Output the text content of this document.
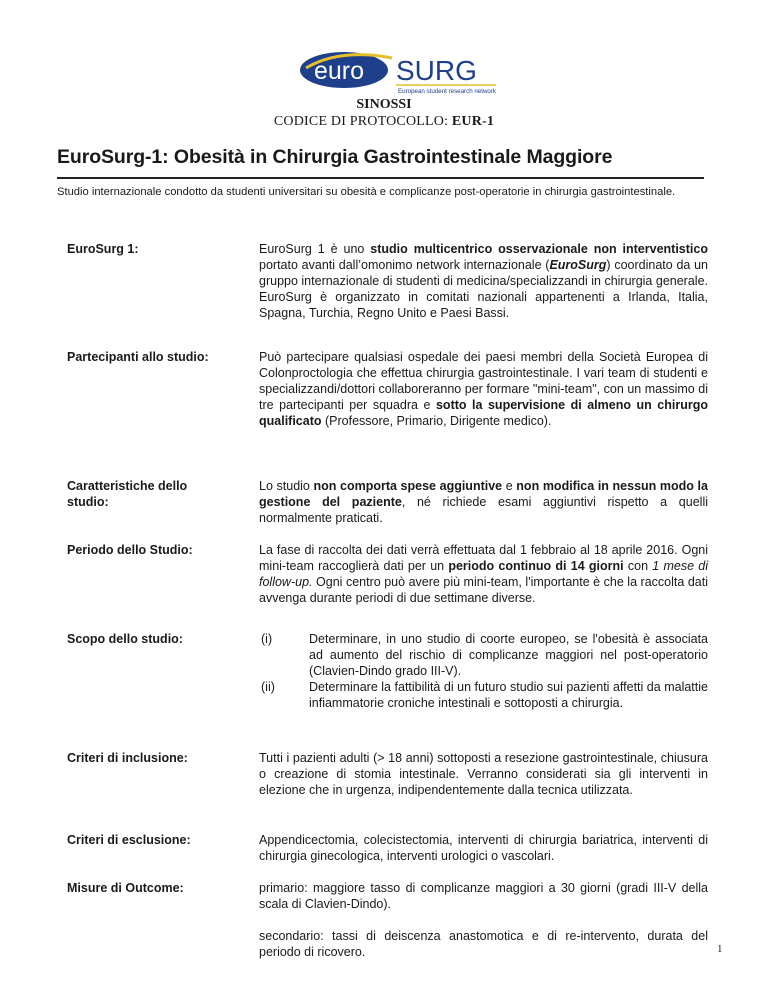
euro SURG
European student research network
SINOSSI
CODICE DI PROTOCOLLO: EUR-1
EuroSurg-1: Obesità in Chirurgia Gastrointestinale Maggiore
Studio internazionale condotto da studenti universitari su obesità e complicanze post-operatorie in chirurgia gastrointestinale.
EuroSurg 1:	EuroSurg 1 è uno studio multicentrico osservazionale non interventistico portato avanti dall’omonimo network internazionale (EuroSurg) coordinato da un gruppo internazionale di studenti di medicina/specializzandi in chirurgia generale. EuroSurg è organizzato in comitati nazionali appartenenti a Irlanda, Italia, Spagna, Turchia, Regno Unito e Paesi Bassi.
Partecipanti allo studio:	Può partecipare qualsiasi ospedale dei paesi membri della Società Europea di Colonproctologia che effettua chirurgia gastrointestinale. I vari team di studenti e specializzandi/dottori collaboreranno per formare "mini-team", con un massimo di tre partecipanti per squadra e sotto la supervisione di almeno un chirurgo qualificato (Professore, Primario, Dirigente medico).
Caratteristiche dello studio:
Lo studio non comporta spese aggiuntive e non modifica in nessun modo la gestione del paziente, né richiede esami aggiuntivi rispetto a quelli normalmente praticati.
Periodo dello Studio:	La fase di raccolta dei dati verrà effettuata dal 1 febbraio al 18 aprile 2016. Ogni mini-team raccoglierà dati per un periodo continuo di 14 giorni con 1 mese di follow-up. Ogni centro può avere più mini-team, l'importante è che la raccolta dati avvenga durante periodi di due settimane diverse.
Scopo dello studio:	(i)	Determinare, in uno studio di coorte europeo, se l'obesità è associata ad aumento del rischio di complicanze maggiori nel post-operatorio (Clavien-Dindo grado III-V).
(ii)	Determinare la fattibilità di un futuro studio sui pazienti affetti da malattie infiammatorie croniche intestinali e sottoposti a chirurgia.
Criteri di inclusione:	Tutti i pazienti adulti (> 18 anni) sottoposti a resezione gastrointestinale, chiusura o creazione di stomia intestinale. Verranno considerati sia gli interventi in elezione che in urgenza, indipendentemente dalla tecnica utilizzata.
Criteri di esclusione:	Appendicectomia, colecistectomia, interventi di chirurgia bariatrica, interventi di chirurgia ginecologica, interventi urologici o vascolari.
Misure di Outcome:	primario: maggiore tasso di complicanze maggiori a 30 giorni (gradi III-V della scala di Clavien-Dindo).

secondario: tassi di deiscenza anastomotica e di re-intervento, durata del periodo di ricovero.	1
